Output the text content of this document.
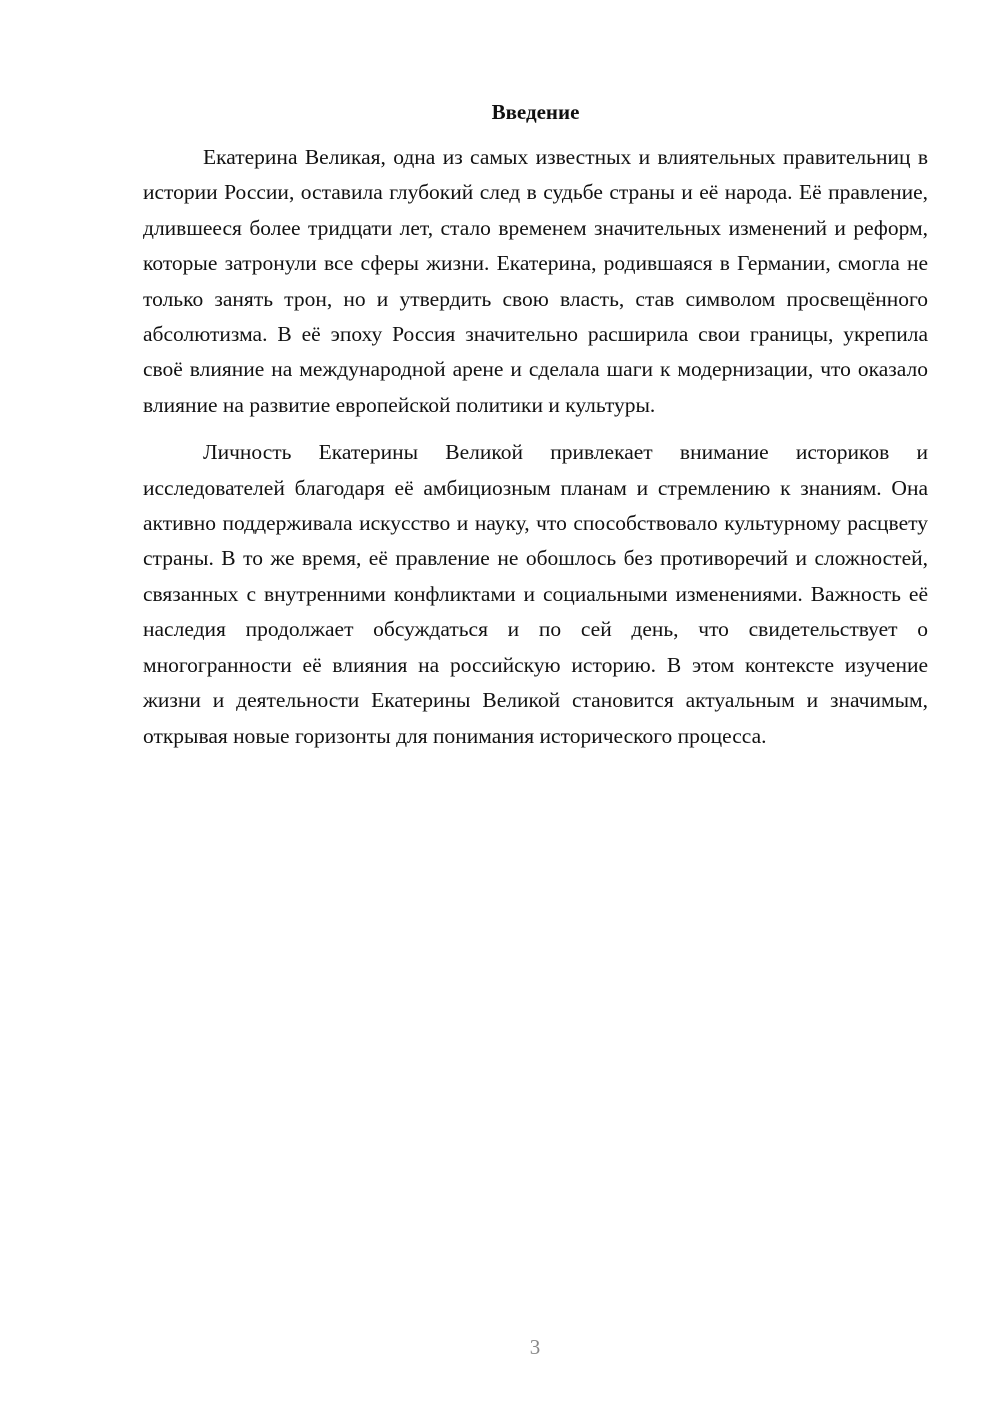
Введение

Екатерина Великая, одна из самых известных и влиятельных правительниц в истории России, оставила глубокий след в судьбе страны и её народа. Её правление, длившееся более тридцати лет, стало временем значительных изменений и реформ, которые затронули все сферы жизни. Екатерина, родившаяся в Германии, смогла не только занять трон, но и утвердить свою власть, став символом просвещённого абсолютизма. В её эпоху Россия значительно расширила свои границы, укрепила своё влияние на международной арене и сделала шаги к модернизации, что оказало влияние на развитие европейской политики и культуры.

Личность Екатерины Великой привлекает внимание историков и исследователей благодаря её амбициозным планам и стремлению к знаниям. Она активно поддерживала искусство и науку, что способствовало культурному расцвету страны. В то же время, её правление не обошлось без противоречий и сложностей, связанных с внутренними конфликтами и социальными изменениями. Важность её наследия продолжает обсуждаться и по сей день, что свидетельствует о многогранности её влияния на российскую историю. В этом контексте изучение жизни и деятельности Екатерины Великой становится актуальным и значимым, открывая новые горизонты для понимания исторического процесса.

3
